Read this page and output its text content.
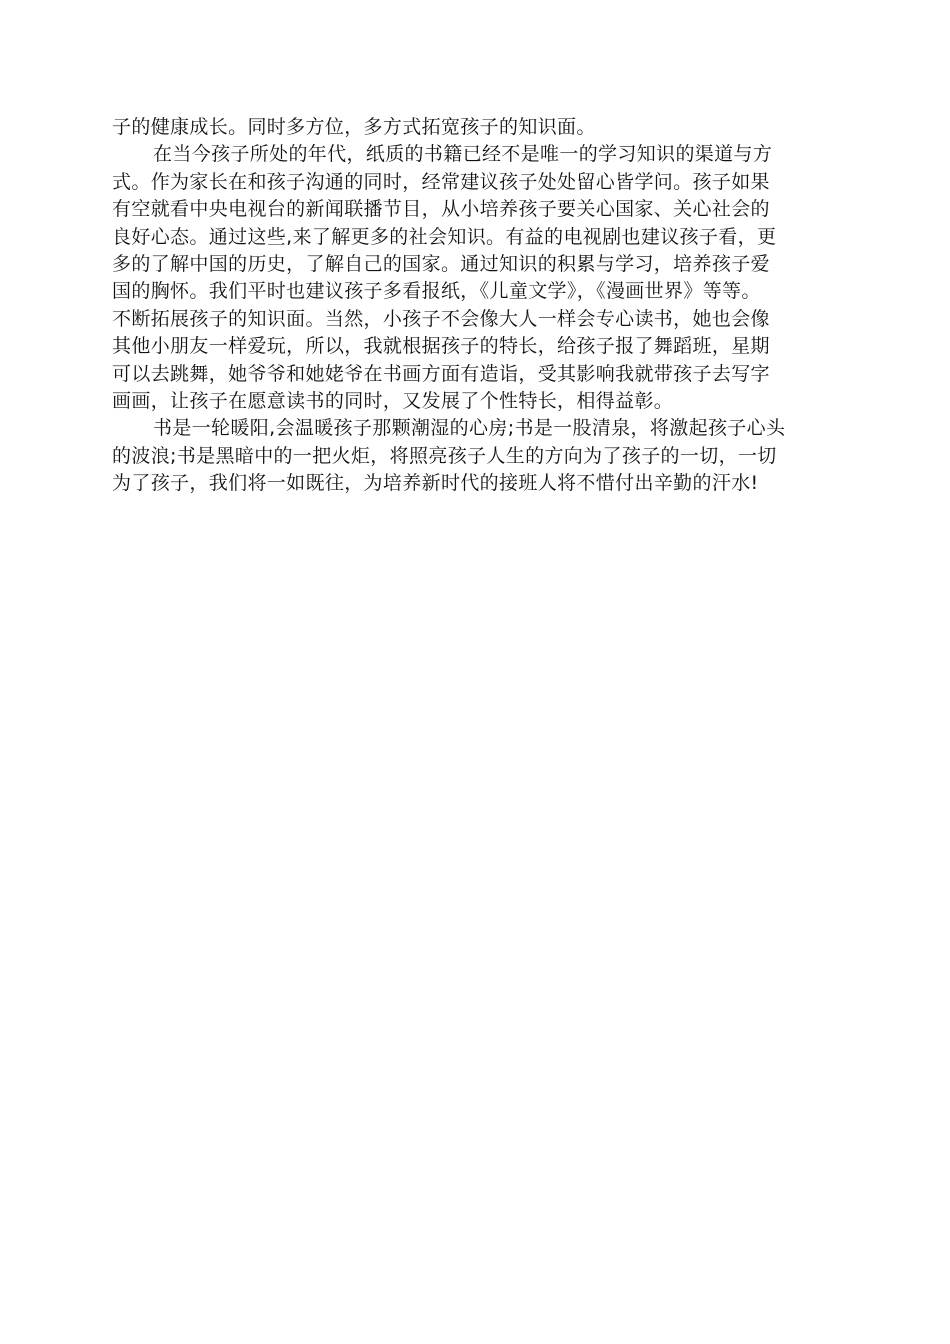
子的健康成长。同时多方位，多方式拓宽孩子的知识面。
在当今孩子所处的年代，纸质的书籍已经不是唯一的学习知识的渠道与方
式。作为家长在和孩子沟通的同时，经常建议孩子处处留心皆学问。孩子如果
有空就看中央电视台的新闻联播节目，从小培养孩子要关心国家、关心社会的
良好心态。通过这些,来了解更多的社会知识。有益的电视剧也建议孩子看，更
多的了解中国的历史，了解自己的国家。通过知识的积累与学习，培养孩子爱
国的胸怀。我们平时也建议孩子多看报纸，《儿童文学》，《漫画世界》等等。
不断拓展孩子的知识面。当然，小孩子不会像大人一样会专心读书，她也会像
其他小朋友一样爱玩，所以，我就根据孩子的特长，给孩子报了舞蹈班，星期
可以去跳舞，她爷爷和她姥爷在书画方面有造诣，受其影响我就带孩子去写字
画画，让孩子在愿意读书的同时，又发展了个性特长，相得益彰。
书是一轮暖阳,会温暖孩子那颗潮湿的心房;书是一股清泉，将激起孩子心头
的波浪;书是黑暗中的一把火炬，将照亮孩子人生的方向为了孩子的一切，一切
为了孩子，我们将一如既往，为培养新时代的接班人将不惜付出辛勤的汗水!
